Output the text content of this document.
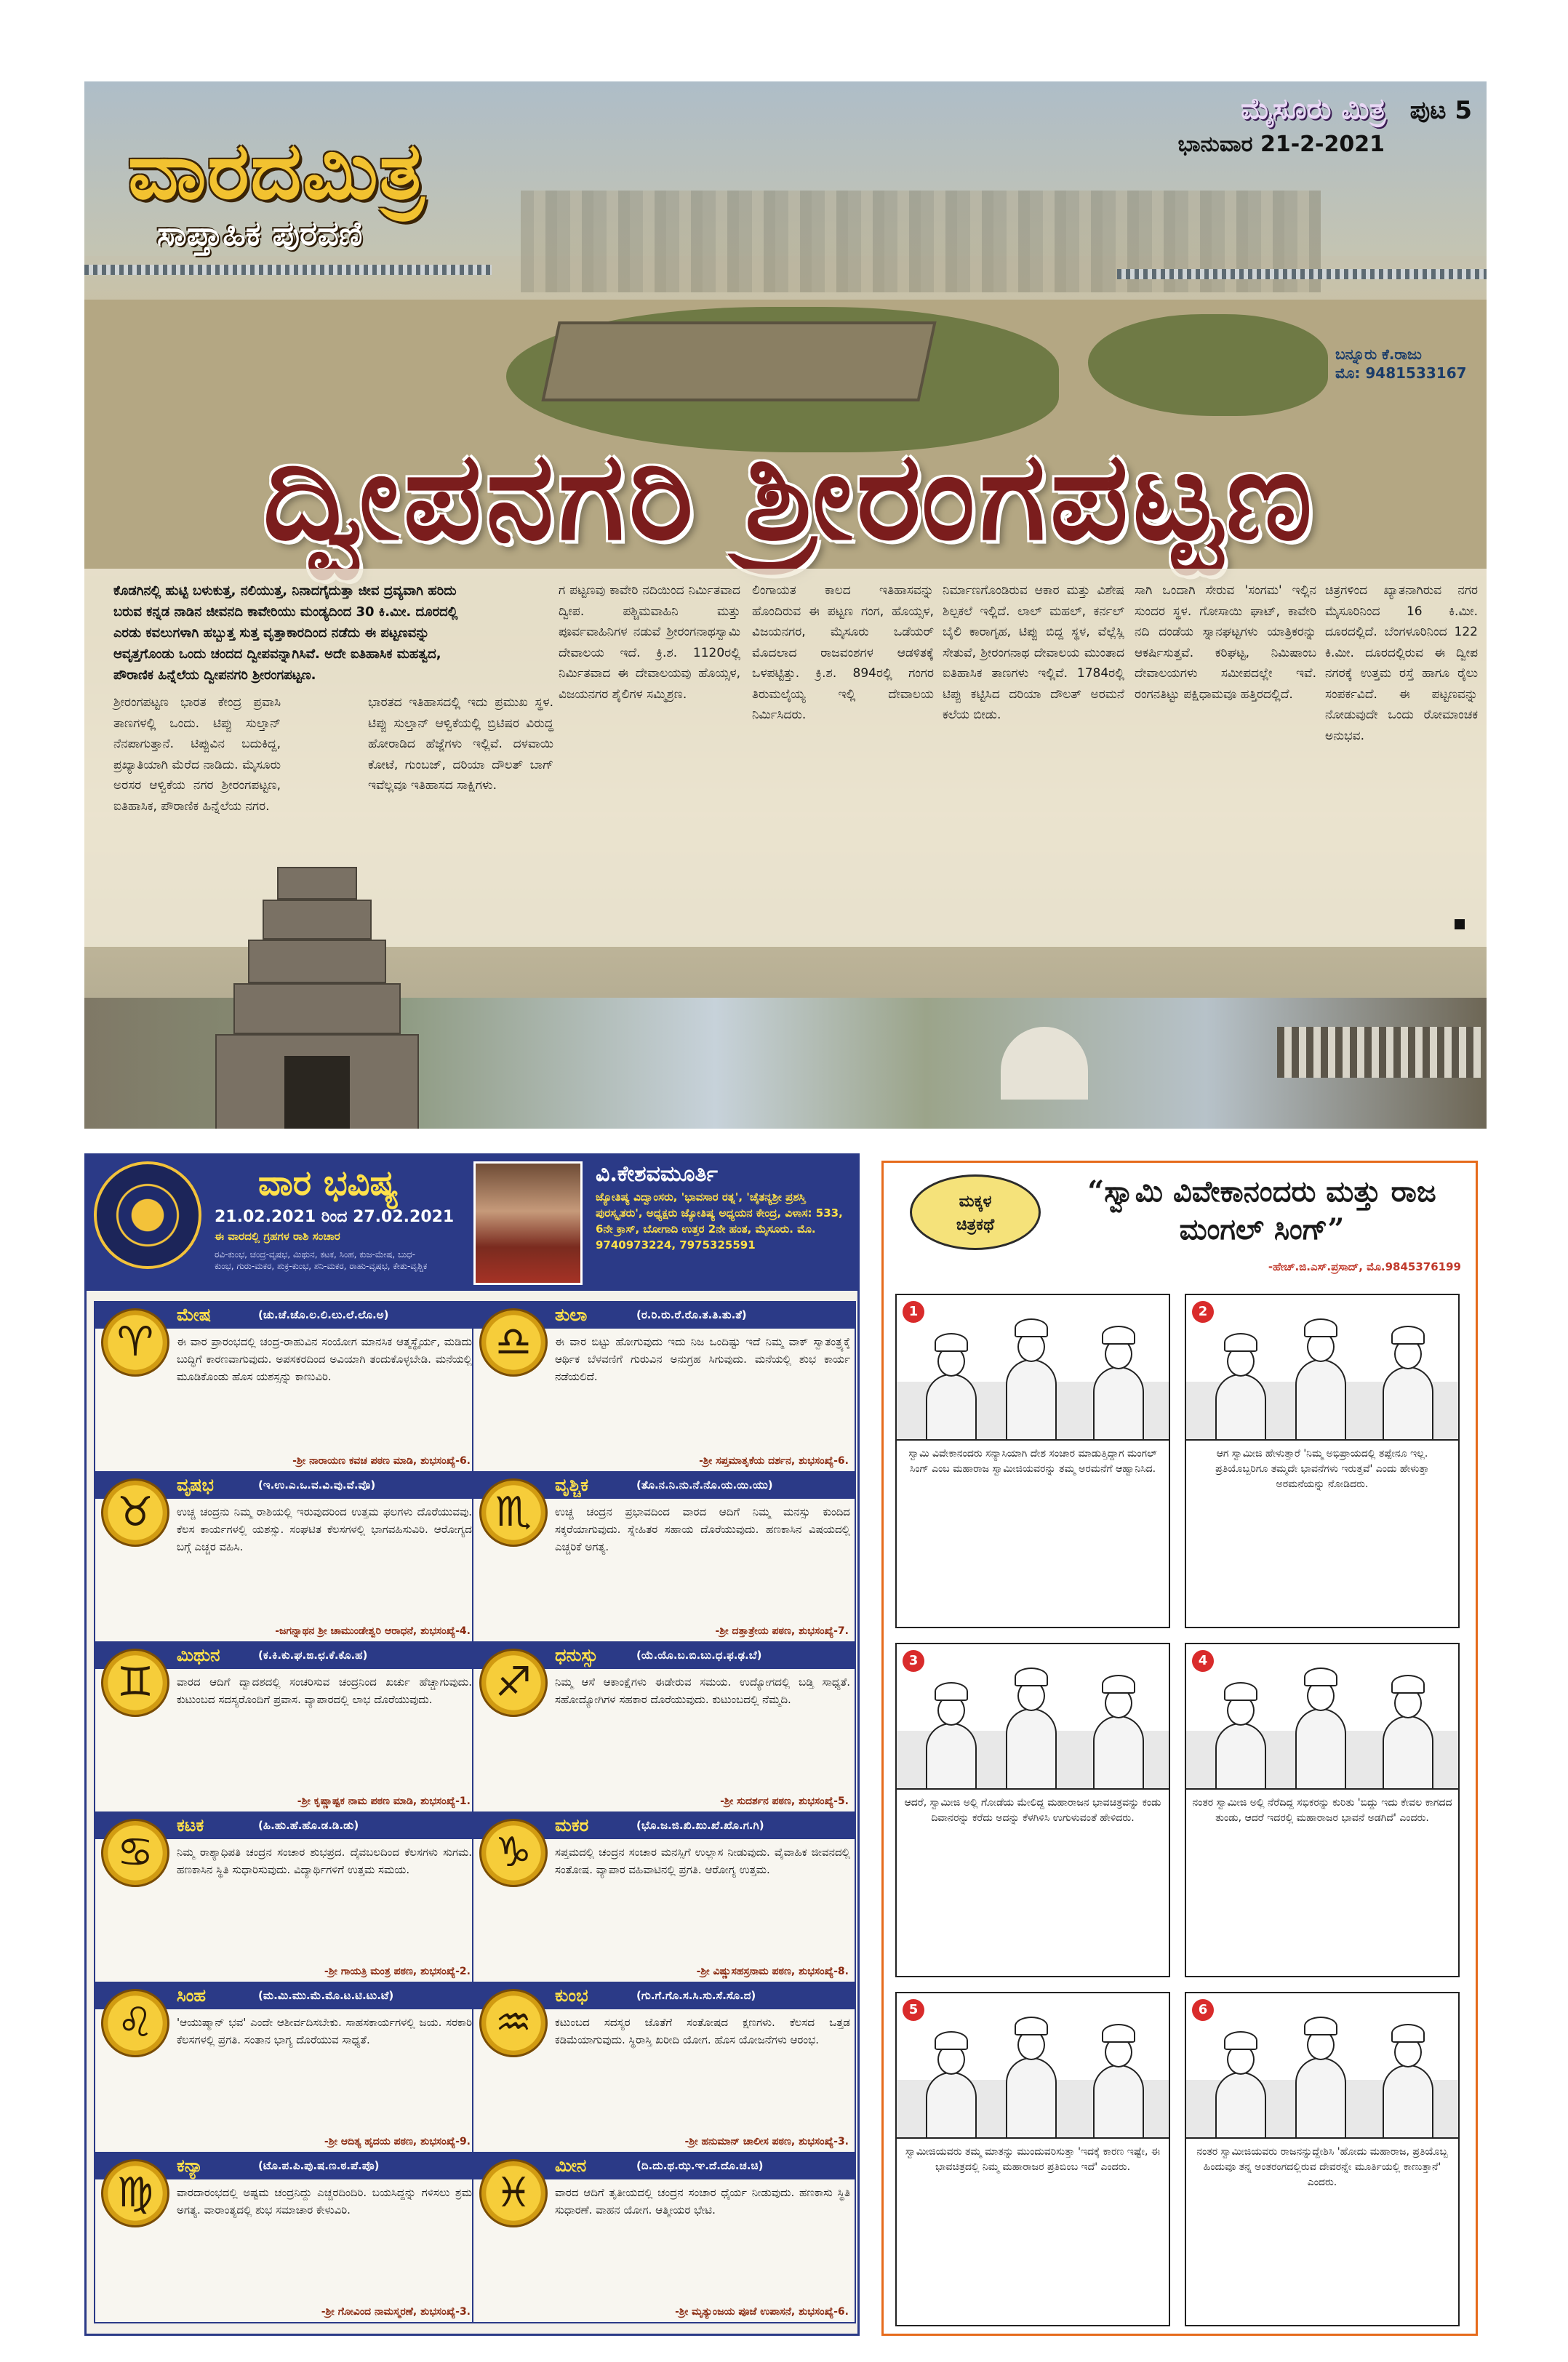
ವಾರದಮಿತ್ರ
ಸಾಪ್ತಾಹಿಕ ಪುರವಣಿ
ಮೈಸೂರು ಮಿತ್ರ ಪುಟ 5
ಭಾನುವಾರ 21-2-2021
ಬನ್ನೂರು ಕೆ.ರಾಜು
ಮೊ: 9481533167
ದ್ವೀಪನಗರಿ ಶ್ರೀರಂಗಪಟ್ಟಣ
ಕೊಡಗಿನಲ್ಲಿ ಹುಟ್ಟಿ ಬಳುಕುತ್ತ, ನಲಿಯುತ್ತ, ನಿನಾದಗೈದುತ್ತಾ ಜೀವ ದ್ರವ್ಯವಾಗಿ ಹರಿದು ಬರುವ ಕನ್ನಡ ನಾಡಿನ ಜೀವನದಿ ಕಾವೇರಿಯು ಮಂಡ್ಯದಿಂದ 30 ಕಿ.ಮೀ. ದೂರದಲ್ಲಿ ಎರಡು ಕವಲುಗಳಾಗಿ ಹಬ್ಬುತ್ತ ಸುತ್ತ ವೃತ್ತಾಕಾರದಿಂದ ನಡೆದು ಈ ಪಟ್ಟಣವನ್ನು ಆವೃತ್ತಗೊಂಡು ಒಂದು ಚಂದದ ದ್ವೀಪವನ್ನಾಗಿಸಿವೆ. ಅದೇ ಐತಿಹಾಸಿಕ ಮಹತ್ವದ, ಪೌರಾಣಿಕ ಹಿನ್ನೆಲೆಯ ದ್ವೀಪನಗರಿ ಶ್ರೀರಂಗಪಟ್ಟಣ.
ಶ್ರೀರಂಗಪಟ್ಟಣ ಭಾರತ ಕೇಂದ್ರ ಪ್ರವಾಸಿ ತಾಣಗಳಲ್ಲಿ ಒಂದು. ಟಿಪ್ಪು ಸುಲ್ತಾನ್ ನೆನಪಾಗುತ್ತಾನೆ. ಟಿಪ್ಪುವಿನ ಬದುಕಿದ್ದ, ಪ್ರಖ್ಯಾತಿಯಾಗಿ ಮೆರೆದ ನಾಡಿದು. ಮೈಸೂರು ಅರಸರ ಆಳ್ವಿಕೆಯ ನಗರ ಶ್ರೀರಂಗಪಟ್ಟಣ, ಐತಿಹಾಸಿಕ, ಪೌರಾಣಿಕ ಹಿನ್ನೆಲೆಯ ನಗರ.
ಭಾರತದ ಇತಿಹಾಸದಲ್ಲಿ ಇದು ಪ್ರಮುಖ ಸ್ಥಳ. ಟಿಪ್ಪು ಸುಲ್ತಾನ್ ಆಳ್ವಿಕೆಯಲ್ಲಿ ಬ್ರಿಟಿಷರ ವಿರುದ್ಧ ಹೋರಾಡಿದ ಹೆಜ್ಜೆಗಳು ಇಲ್ಲಿವೆ. ದಳವಾಯಿ ಕೋಟೆ, ಗುಂಬಜ್, ದರಿಯಾ ದೌಲತ್ ಬಾಗ್ ಇವೆಲ್ಲವೂ ಇತಿಹಾಸದ ಸಾಕ್ಷಿಗಳು.
ಗ ಪಟ್ಟಣವು ಕಾವೇರಿ ನದಿಯಿಂದ ನಿರ್ಮಿತವಾದ ದ್ವೀಪ. ಪಶ್ಚಿಮವಾಹಿನಿ ಮತ್ತು ಪೂರ್ವವಾಹಿನಿಗಳ ನಡುವೆ ಶ್ರೀರಂಗನಾಥಸ್ವಾಮಿ ದೇವಾಲಯ ಇದೆ. ಕ್ರಿ.ಶ. 1120ರಲ್ಲಿ ನಿರ್ಮಿತವಾದ ಈ ದೇವಾಲಯವು ಹೊಯ್ಸಳ, ವಿಜಯನಗರ ಶೈಲಿಗಳ ಸಮ್ಮಿಶ್ರಣ.
ಲಿಂಗಾಯತ ಕಾಲದ ಇತಿಹಾಸವನ್ನು ಹೊಂದಿರುವ ಈ ಪಟ್ಟಣ ಗಂಗ, ಹೊಯ್ಸಳ, ವಿಜಯನಗರ, ಮೈಸೂರು ಒಡೆಯರ್ ಮೊದಲಾದ ರಾಜವಂಶಗಳ ಆಡಳಿತಕ್ಕೆ ಒಳಪಟ್ಟಿತ್ತು. ಕ್ರಿ.ಶ. 894ರಲ್ಲಿ ಗಂಗರ ತಿರುಮಲೈಯ್ಯ ಇಲ್ಲಿ ದೇವಾಲಯ ನಿರ್ಮಿಸಿದರು.
ನಿರ್ಮಾಣಗೊಂಡಿರುವ ಆಕಾರ ಮತ್ತು ವಿಶೇಷ ಶಿಲ್ಪಕಲೆ ಇಲ್ಲಿದೆ. ಲಾಲ್ ಮಹಲ್, ಕರ್ನಲ್ ಬೈಲಿ ಕಾರಾಗೃಹ, ಟಿಪ್ಪು ಬಿದ್ದ ಸ್ಥಳ, ವೆಲ್ಲೆಸ್ಲಿ ಸೇತುವೆ, ಶ್ರೀರಂಗನಾಥ ದೇವಾಲಯ ಮುಂತಾದ ಐತಿಹಾಸಿಕ ತಾಣಗಳು ಇಲ್ಲಿವೆ. 1784ರಲ್ಲಿ ಟಿಪ್ಪು ಕಟ್ಟಿಸಿದ ದರಿಯಾ ದೌಲತ್ ಅರಮನೆ ಕಲೆಯ ಬೀಡು.
ಸಾಗಿ ಒಂದಾಗಿ ಸೇರುವ 'ಸಂಗಮ' ಇಲ್ಲಿನ ಸುಂದರ ಸ್ಥಳ. ಗೋಸಾಯಿ ಘಾಟ್, ಕಾವೇರಿ ನದಿ ದಂಡೆಯ ಸ್ನಾನಘಟ್ಟಗಳು ಯಾತ್ರಿಕರನ್ನು ಆಕರ್ಷಿಸುತ್ತವೆ. ಕರಿಘಟ್ಟ, ನಿಮಿಷಾಂಬ ದೇವಾಲಯಗಳು ಸಮೀಪದಲ್ಲೇ ಇವೆ. ರಂಗನತಿಟ್ಟು ಪಕ್ಷಿಧಾಮವೂ ಹತ್ತಿರದಲ್ಲಿದೆ.
ಚಿತ್ರಗಳಿಂದ ಖ್ಯಾತನಾಗಿರುವ ನಗರ ಮೈಸೂರಿನಿಂದ 16 ಕಿ.ಮೀ. ದೂರದಲ್ಲಿದೆ. ಬೆಂಗಳೂರಿನಿಂದ 122 ಕಿ.ಮೀ. ದೂರದಲ್ಲಿರುವ ಈ ದ್ವೀಪ ನಗರಕ್ಕೆ ಉತ್ತಮ ರಸ್ತೆ ಹಾಗೂ ರೈಲು ಸಂಪರ್ಕವಿದೆ. ಈ ಪಟ್ಟಣವನ್ನು ನೋಡುವುದೇ ಒಂದು ರೋಮಾಂಚಕ ಅನುಭವ.
ವಾರ ಭವಿಷ್ಯ
21.02.2021 ರಿಂದ 27.02.2021
ಈ ವಾರದಲ್ಲಿ ಗ್ರಹಗಳ ರಾಶಿ ಸಂಚಾರ
ರವಿ-ಕುಂಭ, ಚಂದ್ರ-ವೃಷಭ, ಮಿಥುನ, ಕಟಕ, ಸಿಂಹ, ಕುಜ-ಮೇಷ, ಬುಧ-ಕುಂಭ, ಗುರು-ಮಕರ, ಶುಕ್ರ-ಕುಂಭ, ಶನಿ-ಮಕರ, ರಾಹು-ವೃಷಭ, ಕೇತು-ವೃಶ್ಚಿಕ
ವಿ.ಕೇಶವಮೂರ್ತಿ
ಜ್ಯೋತಿಷ್ಯ ವಿದ್ವಾಂಸರು, 'ಭಾವಸಾರ ರತ್ನ', 'ಚೈತನ್ಯಶ್ರೀ ಪ್ರಶಸ್ತಿ ಪುರಸ್ಕೃತರು', ಅಧ್ಯಕ್ಷರು ಜ್ಯೋತಿಷ್ಯ ಅಧ್ಯಯನ ಕೇಂದ್ರ, ವಿಳಾಸ: 533, 6ನೇ ಕ್ರಾಸ್, ಬೋಗಾದಿ ಉತ್ತರ 2ನೇ ಹಂತ, ಮೈಸೂರು. ಮೊ. 9740973224, 7975325591
♈
ಮೇಷ	(ಚು.ಚೆ.ಚೊ.ಲ.ಲಿ.ಲು.ಲೆ.ಲೊ.ಅ)
ಈ ವಾರ ಪ್ರಾರಂಭದಲ್ಲಿ ಚಂದ್ರ-ರಾಹುವಿನ ಸಂಯೋಗ ಮಾನಸಿಕ ಆತ್ಮಸ್ಥೈರ್ಯ, ಮಡಿದು ಬುದ್ಧಿಗೆ ಕಾರಣವಾಗುವುದು. ಅಪಸಕರದಿಂದ ಅವಿಯಾಗಿ ತಂದುಕೊಳ್ಳಬೇಡಿ. ಮನೆಯಲ್ಲಿ ಮೂಡಿಕೊಂಡು ಹೊಸ ಯಶಸ್ಸನ್ನು ಕಾಣುವಿರಿ.
-ಶ್ರೀ ನಾರಾಯಣ ಕವಚ ಪಠಣ ಮಾಡಿ, ಶುಭಸಂಖ್ಯೆ-6.
♎
ತುಲಾ	(ರ.ರಿ.ರು.ರೆ.ರೊ.ತ.ತಿ.ತು.ತೆ)
ಈ ವಾರ ಬಿಟ್ಟು ಹೋಗುವುದು ಇದು ನಿಜ ಒಂದಿಷ್ಟು ಇದೆ ನಿಮ್ಮ ವಾಕ್ ಸ್ವಾತಂತ್ರ್ಯಕ್ಕೆ ಆರ್ಥಿಕ ಬೆಳವಣಿಗೆ ಗುರುವಿನ ಅನುಗ್ರಹ ಸಿಗುವುದು. ಮನೆಯಲ್ಲಿ ಶುಭ ಕಾರ್ಯ ನಡೆಯಲಿದೆ.
-ಶ್ರೀ ಸಪ್ತಮಾತೃಕೆಯ ದರ್ಶನ, ಶುಭಸಂಖ್ಯೆ-6.
♉
ವೃಷಭ	(ಇ.ಉ.ಎ.ಒ.ವ.ವಿ.ವು.ವೆ.ವೊ)
ಉಚ್ಚ ಚಂದ್ರನು ನಿಮ್ಮ ರಾಶಿಯಲ್ಲಿ ಇರುವುದರಿಂದ ಉತ್ತಮ ಫಲಗಳು ದೊರೆಯುವವು. ಕೆಲಸ ಕಾರ್ಯಗಳಲ್ಲಿ ಯಶಸ್ಸು. ಸಂಘಟಿತ ಕೆಲಸಗಳಲ್ಲಿ ಭಾಗವಹಿಸುವಿರಿ. ಆರೋಗ್ಯದ ಬಗ್ಗೆ ಎಚ್ಚರ ವಹಿಸಿ.
-ಜಗನ್ನಾಥನ ಶ್ರೀ ಚಾಮುಂಡೇಶ್ವರಿ ಆರಾಧನೆ, ಶುಭಸಂಖ್ಯೆ-4.
♏
ವೃಶ್ಚಿಕ	(ತೊ.ನ.ನಿ.ನು.ನೆ.ನೊ.ಯ.ಯಿ.ಯು)
ಉಚ್ಚ ಚಂದ್ರನ ಪ್ರಭಾವದಿಂದ ವಾರದ ಆದಿಗೆ ನಿಮ್ಮ ಮನಸ್ಸು ಕುಂದಿದ ಸಕ್ಕರೆಯಾಗುವುದು. ಸ್ನೇಹಿತರ ಸಹಾಯ ದೊರೆಯುವುದು. ಹಣಕಾಸಿನ ವಿಷಯದಲ್ಲಿ ಎಚ್ಚರಿಕೆ ಅಗತ್ಯ.
-ಶ್ರೀ ದತ್ತಾತ್ರೇಯ ಪಠಣ, ಶುಭಸಂಖ್ಯೆ-7.
♊
ಮಿಥುನ	(ಕ.ಕಿ.ಕು.ಘ.ಙ.ಛ.ಕೆ.ಕೊ.ಹ)
ವಾರದ ಆದಿಗೆ ದ್ವಾದಶದಲ್ಲಿ ಸಂಚರಿಸುವ ಚಂದ್ರನಿಂದ ಖರ್ಚು ಹೆಚ್ಚಾಗುವುದು. ಕುಟುಂಬದ ಸದಸ್ಯರೊಂದಿಗೆ ಪ್ರವಾಸ. ವ್ಯಾಪಾರದಲ್ಲಿ ಲಾಭ ದೊರೆಯುವುದು.
-ಶ್ರೀ ಕೃಷ್ಣಾಷ್ಟಕ ನಾಮ ಪಠಣ ಮಾಡಿ, ಶುಭಸಂಖ್ಯೆ-1.
♐
ಧನುಸ್ಸು	(ಯೆ.ಯೊ.ಬ.ಬಿ.ಬು.ಧ.ಫ.ಢ.ಬೆ)
ನಿಮ್ಮ ಆಸೆ ಆಕಾಂಕ್ಷೆಗಳು ಈಡೇರುವ ಸಮಯ. ಉದ್ಯೋಗದಲ್ಲಿ ಬಡ್ತಿ ಸಾಧ್ಯತೆ. ಸಹೋದ್ಯೋಗಿಗಳ ಸಹಕಾರ ದೊರೆಯುವುದು. ಕುಟುಂಬದಲ್ಲಿ ನೆಮ್ಮದಿ.
-ಶ್ರೀ ಸುದರ್ಶನ ಪಠಣ, ಶುಭಸಂಖ್ಯೆ-5.
♋
ಕಟಕ	(ಹಿ.ಹು.ಹೆ.ಹೊ.ಡ.ಡಿ.ಡು)
ನಿಮ್ಮ ರಾಶ್ಯಾಧಿಪತಿ ಚಂದ್ರನ ಸಂಚಾರ ಶುಭಪ್ರದ. ದೈವಬಲದಿಂದ ಕೆಲಸಗಳು ಸುಗಮ. ಹಣಕಾಸಿನ ಸ್ಥಿತಿ ಸುಧಾರಿಸುವುದು. ವಿದ್ಯಾರ್ಥಿಗಳಿಗೆ ಉತ್ತಮ ಸಮಯ.
-ಶ್ರೀ ಗಾಯತ್ರಿ ಮಂತ್ರ ಪಠಣ, ಶುಭಸಂಖ್ಯೆ-2.
♑
ಮಕರ	(ಭೊ.ಜ.ಜಿ.ಖಿ.ಖು.ಖೆ.ಖೊ.ಗ.ಗಿ)
ಸಪ್ತಮದಲ್ಲಿ ಚಂದ್ರನ ಸಂಚಾರ ಮನಸ್ಸಿಗೆ ಉಲ್ಲಾಸ ನೀಡುವುದು. ವೈವಾಹಿಕ ಜೀವನದಲ್ಲಿ ಸಂತೋಷ. ವ್ಯಾಪಾರ ವಹಿವಾಟಿನಲ್ಲಿ ಪ್ರಗತಿ. ಆರೋಗ್ಯ ಉತ್ತಮ.
-ಶ್ರೀ ವಿಷ್ಣುಸಹಸ್ರನಾಮ ಪಠಣ, ಶುಭಸಂಖ್ಯೆ-8.
♌
ಸಿಂಹ	(ಮ.ಮಿ.ಮು.ಮೆ.ಮೊ.ಟ.ಟಿ.ಟು.ಟೆ)
'ಆಯುಷ್ಮಾನ್ ಭವ' ಎಂದೇ ಆಶೀರ್ವದಿಸಬೇಕು. ಸಾಹಸಕಾರ್ಯಗಳಲ್ಲಿ ಜಯ. ಸರಕಾರಿ ಕೆಲಸಗಳಲ್ಲಿ ಪ್ರಗತಿ. ಸಂತಾನ ಭಾಗ್ಯ ದೊರೆಯುವ ಸಾಧ್ಯತೆ.
-ಶ್ರೀ ಆದಿತ್ಯ ಹೃದಯ ಪಠಣ, ಶುಭಸಂಖ್ಯೆ-9.
♒
ಕುಂಭ	(ಗು.ಗೆ.ಗೊ.ಸ.ಸಿ.ಸು.ಸೆ.ಸೊ.ದ)
ಕಟುಂಬದ ಸದಸ್ಯರ ಜೊತೆಗೆ ಸಂತೋಷದ ಕ್ಷಣಗಳು. ಕೆಲಸದ ಒತ್ತಡ ಕಡಿಮೆಯಾಗುವುದು. ಸ್ಥಿರಾಸ್ತಿ ಖರೀದಿ ಯೋಗ. ಹೊಸ ಯೋಜನೆಗಳು ಆರಂಭ.
-ಶ್ರೀ ಹನುಮಾನ್ ಚಾಲೀಸ ಪಠಣ, ಶುಭಸಂಖ್ಯೆ-3.
♍
ಕನ್ಯಾ	(ಟೊ.ಪ.ಪಿ.ಪು.ಷ.ಣ.ಠ.ಪೆ.ಪೊ)
ವಾರದಾರಂಭದಲ್ಲಿ ಅಷ್ಟಮ ಚಂದ್ರನಿದ್ದು ಎಚ್ಚರದಿಂದಿರಿ. ಬಯಸಿದ್ದನ್ನು ಗಳಿಸಲು ಶ್ರಮ ಅಗತ್ಯ. ವಾರಾಂತ್ಯದಲ್ಲಿ ಶುಭ ಸಮಾಚಾರ ಕೇಳುವಿರಿ.
-ಶ್ರೀ ಗೋವಿಂದ ನಾಮಸ್ಮರಣೆ, ಶುಭಸಂಖ್ಯೆ-3.
♓
ಮೀನ	(ದಿ.ದು.ಥ.ಝ.ಞ.ದೆ.ದೊ.ಚ.ಚಿ)
ವಾರದ ಆದಿಗೆ ತೃತೀಯದಲ್ಲಿ ಚಂದ್ರನ ಸಂಚಾರ ಧೈರ್ಯ ನೀಡುವುದು. ಹಣಕಾಸು ಸ್ಥಿತಿ ಸುಧಾರಣೆ. ವಾಹನ ಯೋಗ. ಆತ್ಮೀಯರ ಭೇಟಿ.
-ಶ್ರೀ ಮೃತ್ಯುಂಜಯ ಪೂಜೆ ಉಪಾಸನೆ, ಶುಭಸಂಖ್ಯೆ-6.
ಮಕ್ಕಳ
ಚಿತ್ರಕಥೆ
“ಸ್ವಾಮಿ ವಿವೇಕಾನಂದರು ಮತ್ತು ರಾಜ ಮಂಗಲ್ ಸಿಂಗ್”
-ಹೇಚ್.ಜಿ.ಎಸ್.ಪ್ರಸಾದ್, ಮೊ.9845376199
1
ಸ್ವಾಮಿ ವಿವೇಕಾನಂದರು ಸನ್ಯಾಸಿಯಾಗಿ ದೇಶ ಸಂಚಾರ ಮಾಡುತ್ತಿದ್ದಾಗ ಮಂಗಲ್ ಸಿಂಗ್ ಎಂಬ ಮಹಾರಾಜ ಸ್ವಾಮೀಜಿಯವರನ್ನು ತಮ್ಮ ಅರಮನೆಗೆ ಆಹ್ವಾನಿಸಿದ.
2
ಆಗ ಸ್ವಾಮೀಜಿ ಹೇಳುತ್ತಾರೆ 'ನಿಮ್ಮ ಅಭಿಪ್ರಾಯದಲ್ಲಿ ತಪ್ಪೇನೂ ಇಲ್ಲ. ಪ್ರತಿಯೊಬ್ಬರಿಗೂ ತಮ್ಮದೇ ಭಾವನೆಗಳು ಇರುತ್ತವೆ' ಎಂದು ಹೇಳುತ್ತಾ ಅರಮನೆಯನ್ನು ನೋಡಿದರು.
3
ಆದರೆ, ಸ್ವಾಮೀಜಿ ಅಲ್ಲಿ ಗೋಡೆಯ ಮೇಲಿದ್ದ ಮಹಾರಾಜನ ಭಾವಚಿತ್ರವನ್ನು ಕಂಡು ದಿವಾನರನ್ನು ಕರೆದು ಅದನ್ನು ಕೆಳಗಿಳಿಸಿ ಉಗುಳುವಂತೆ ಹೇಳಿದರು.
4
ನಂತರ ಸ್ವಾಮೀಜಿ ಅಲ್ಲಿ ನೆರೆದಿದ್ದ ಸಭಿಕರನ್ನು ಕುರಿತು 'ಬಿದ್ದು ಇದು ಕೇವಲ ಕಾಗದದ ತುಂಡು, ಆದರೆ ಇದರಲ್ಲಿ ಮಹಾರಾಜರ ಭಾವನೆ ಅಡಗಿದೆ' ಎಂದರು.
5
ಸ್ವಾಮೀಜಿಯವರು ತಮ್ಮ ಮಾತನ್ನು ಮುಂದುವರಿಸುತ್ತಾ 'ಇದಕ್ಕೆ ಕಾರಣ ಇಷ್ಟೇ, ಈ ಭಾವಚಿತ್ರದಲ್ಲಿ ನಿಮ್ಮ ಮಹಾರಾಜರ ಪ್ರತಿಬಿಂಬ ಇದೆ' ಎಂದರು.
6
ನಂತರ ಸ್ವಾಮೀಜಿಯವರು ರಾಜನನ್ನುದ್ದೇಶಿಸಿ 'ಹೋದು ಮಹಾರಾಜ, ಪ್ರತಿಯೊಬ್ಬ ಹಿಂದುವೂ ತನ್ನ ಅಂತರಂಗದಲ್ಲಿರುವ ದೇವರನ್ನೇ ಮೂರ್ತಿಯಲ್ಲಿ ಕಾಣುತ್ತಾನೆ' ಎಂದರು.
